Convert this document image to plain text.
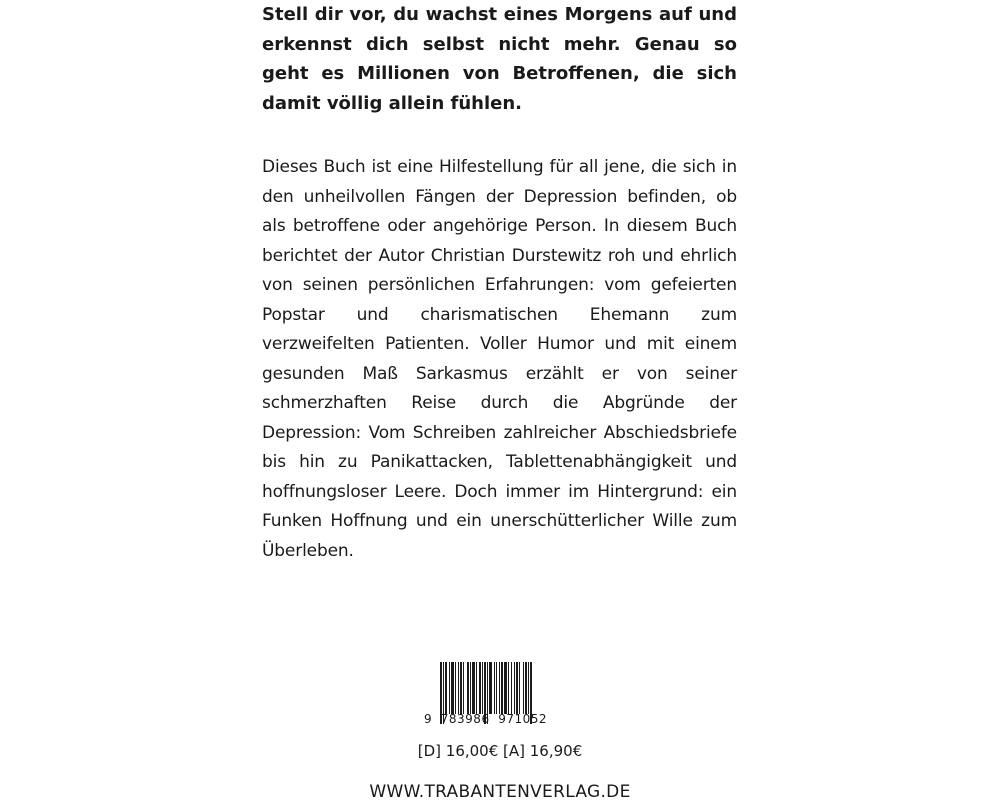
Stell dir vor, du wachst eines Morgens auf und erkennst dich selbst nicht mehr. Genau so geht es Millionen von Betroffenen, die sich damit völlig allein fühlen.

Dieses Buch ist eine Hilfestellung für all jene, die sich in den unheilvollen Fängen der Depression befinden, ob als betroffene oder angehörige Person. In diesem Buch berichtet der Autor Christian Durstewitz roh und ehrlich von seinen persönlichen Erfahrungen: vom gefeierten Popstar und charismatischen Ehemann zum verzweifelten Patienten. Voller Humor und mit einem gesunden Maß Sarkasmus erzählt er von seiner schmerzhaften Reise durch die Abgründe der Depression: Vom Schreiben zahlreicher Abschiedsbriefe bis hin zu Panikattacken, Tablettenabhängigkeit und hoffnungsloser Leere. Doch immer im Hintergrund: ein Funken Hoffnung und ein unerschütterlicher Wille zum Überleben.

9  783986  971052
[D] 16,00€ [A] 16,90€
WWW.TRABANTENVERLAG.DE
